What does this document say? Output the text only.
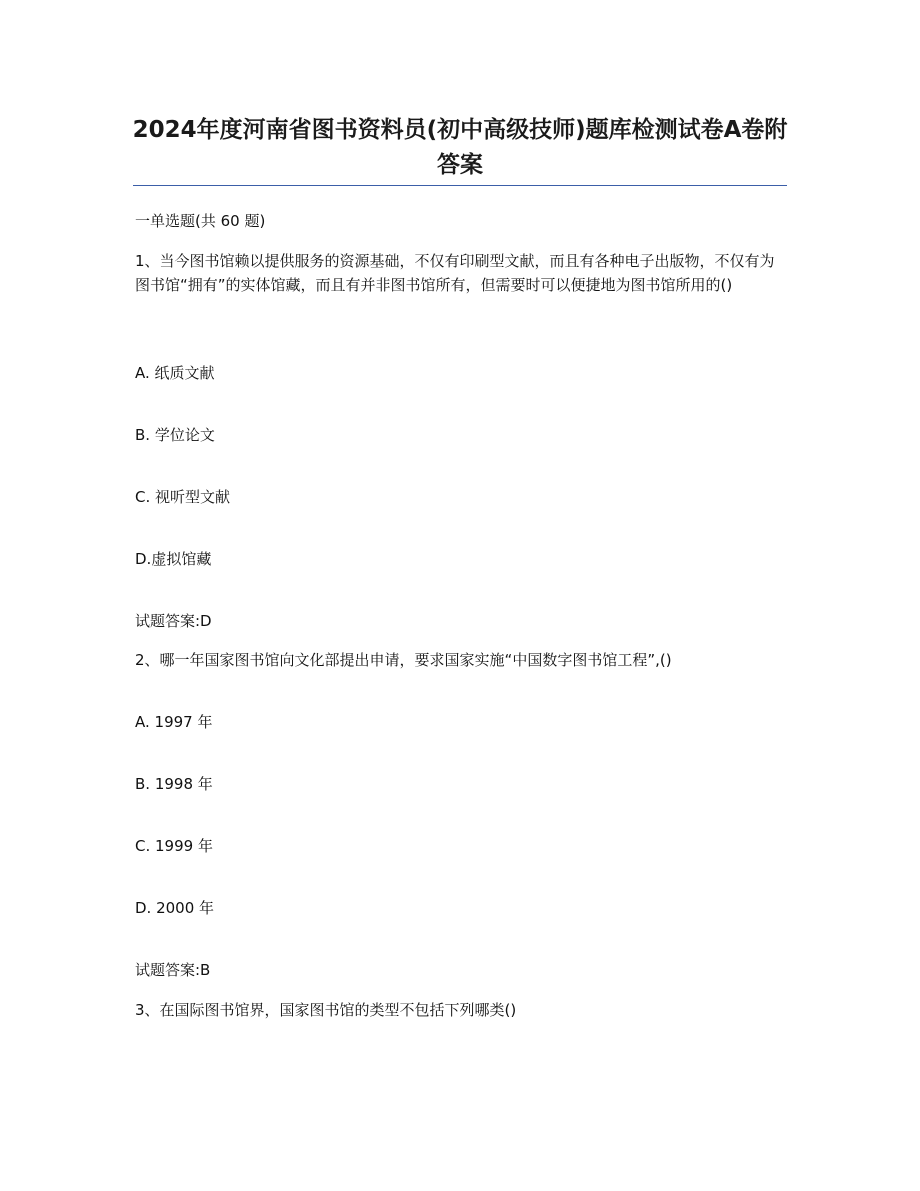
2024年度河南省图书资料员(初中高级技师)题库检测试卷A卷附答案
一单选题(共 60 题)
1、当今图书馆赖以提供服务的资源基础，不仅有印刷型文献，而且有各种电子出版物，不仅有为图书馆“拥有”的实体馆藏，而且有并非图书馆所有，但需要时可以便捷地为图书馆所用的()
A. 纸质文献
B. 学位论文
C. 视听型文献
D.虚拟馆藏
试题答案:D
2、哪一年国家图书馆向文化部提出申请，要求国家实施“中国数字图书馆工程”,()
A. 1997 年
B. 1998 年
C. 1999 年
D. 2000 年
试题答案:B
3、在国际图书馆界，国家图书馆的类型不包括下列哪类()
